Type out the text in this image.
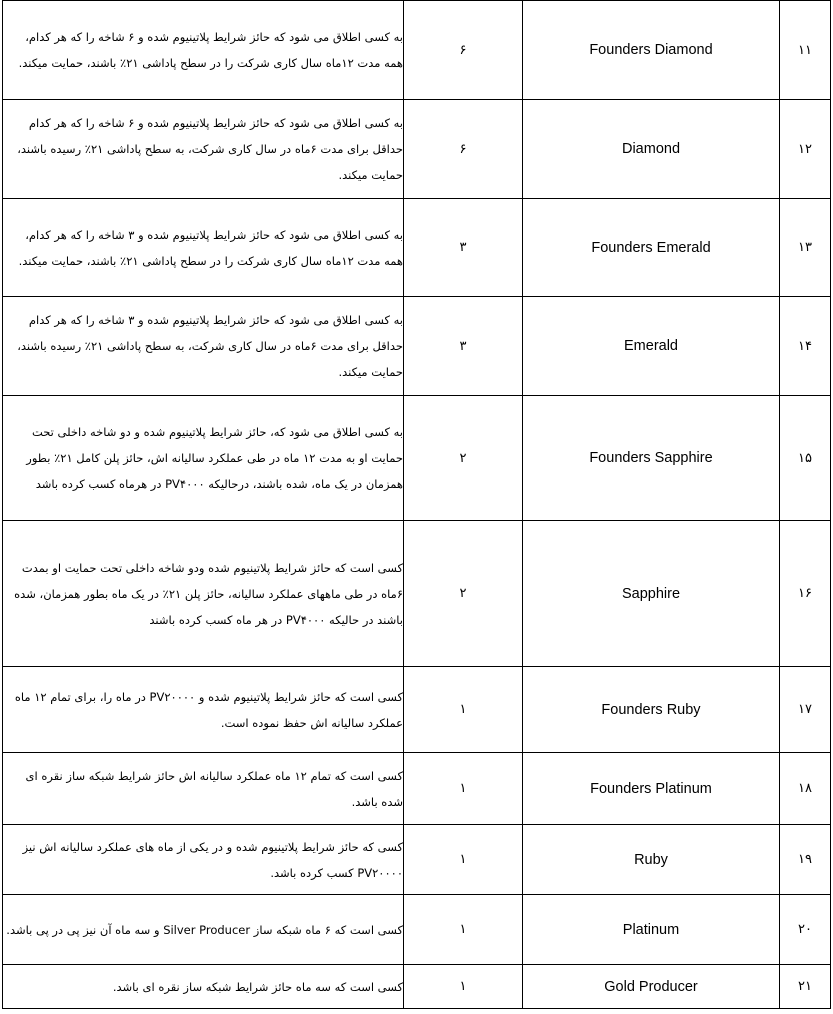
۱۱	Founders Diamond	۶	به کسی اطلاق می شود که حائز شرایط پلاتینیوم شده و ۶ شاخه را که هر کدام، همه مدت ۱۲ماه سال کاری شرکت را در سطح پاداشی ۲۱٪ باشند، حمایت میکند.
۱۲	Diamond	۶	به کسی اطلاق می شود که حائز شرایط پلاتینیوم شده و ۶ شاخه را که هر کدام حداقل برای مدت ۶ماه در سال کاری شرکت، به سطح پاداشی ۲۱٪ رسیده باشند، حمایت میکند.
۱۳	Founders Emerald	۳	به کسی اطلاق می شود که حائز شرایط پلاتینیوم شده و ۳ شاخه را که هر کدام، همه مدت ۱۲ماه سال کاری شرکت را در سطح پاداشی ۲۱٪ باشند، حمایت میکند.
۱۴	Emerald	۳	به کسی اطلاق می شود که حائز شرایط پلاتینیوم شده و ۳ شاخه را که هر کدام حداقل برای مدت ۶ماه در سال کاری شرکت، به سطح پاداشی ۲۱٪ رسیده باشند، حمایت میکند.
۱۵	Founders Sapphire	۲	به کسی اطلاق می شود که، حائز شرایط پلاتینیوم شده و دو شاخه داخلی تحت حمایت او به مدت ۱۲ ماه در طی عملکرد سالیانه اش، حائز پلن کامل ۲۱٪ بطور همزمان در یک ماه، شده باشند، درحالیکه PV۴۰۰۰ در هرماه کسب کرده باشد
۱۶	Sapphire	۲	کسی است که حائز شرایط پلاتینیوم شده ودو شاخه داخلی تحت حمایت او بمدت ۶ماه در طی ماههای عملکرد سالیانه، حائز پلن ۲۱٪ در یک ماه بطور همزمان، شده باشند در حالیکه PV۴۰۰۰ در هر ماه کسب کرده باشند
۱۷	Founders Ruby	۱	کسی است که حائز شرایط پلاتینیوم شده و PV۲۰۰۰۰ در ماه را، برای تمام ۱۲ ماه عملکرد سالیانه اش حفظ نموده است.
۱۸	Founders Platinum	۱	کسی است که تمام ۱۲ ماه عملکرد سالیانه اش حائز شرایط شبکه ساز نقره ای شده باشد.
۱۹	Ruby	۱	کسی که حائز شرایط پلاتینیوم شده و در یکی از ماه های عملکرد سالیانه اش نیز PV۲۰۰۰۰ کسب کرده باشد.
۲۰	Platinum	۱	کسی است که ۶ ماه شبکه ساز Silver Producer و سه ماه آن نیز پی در پی باشد.
۲۱	Gold Producer	۱	کسی است که سه ماه حائز شرایط شبکه ساز نقره ای باشد.
